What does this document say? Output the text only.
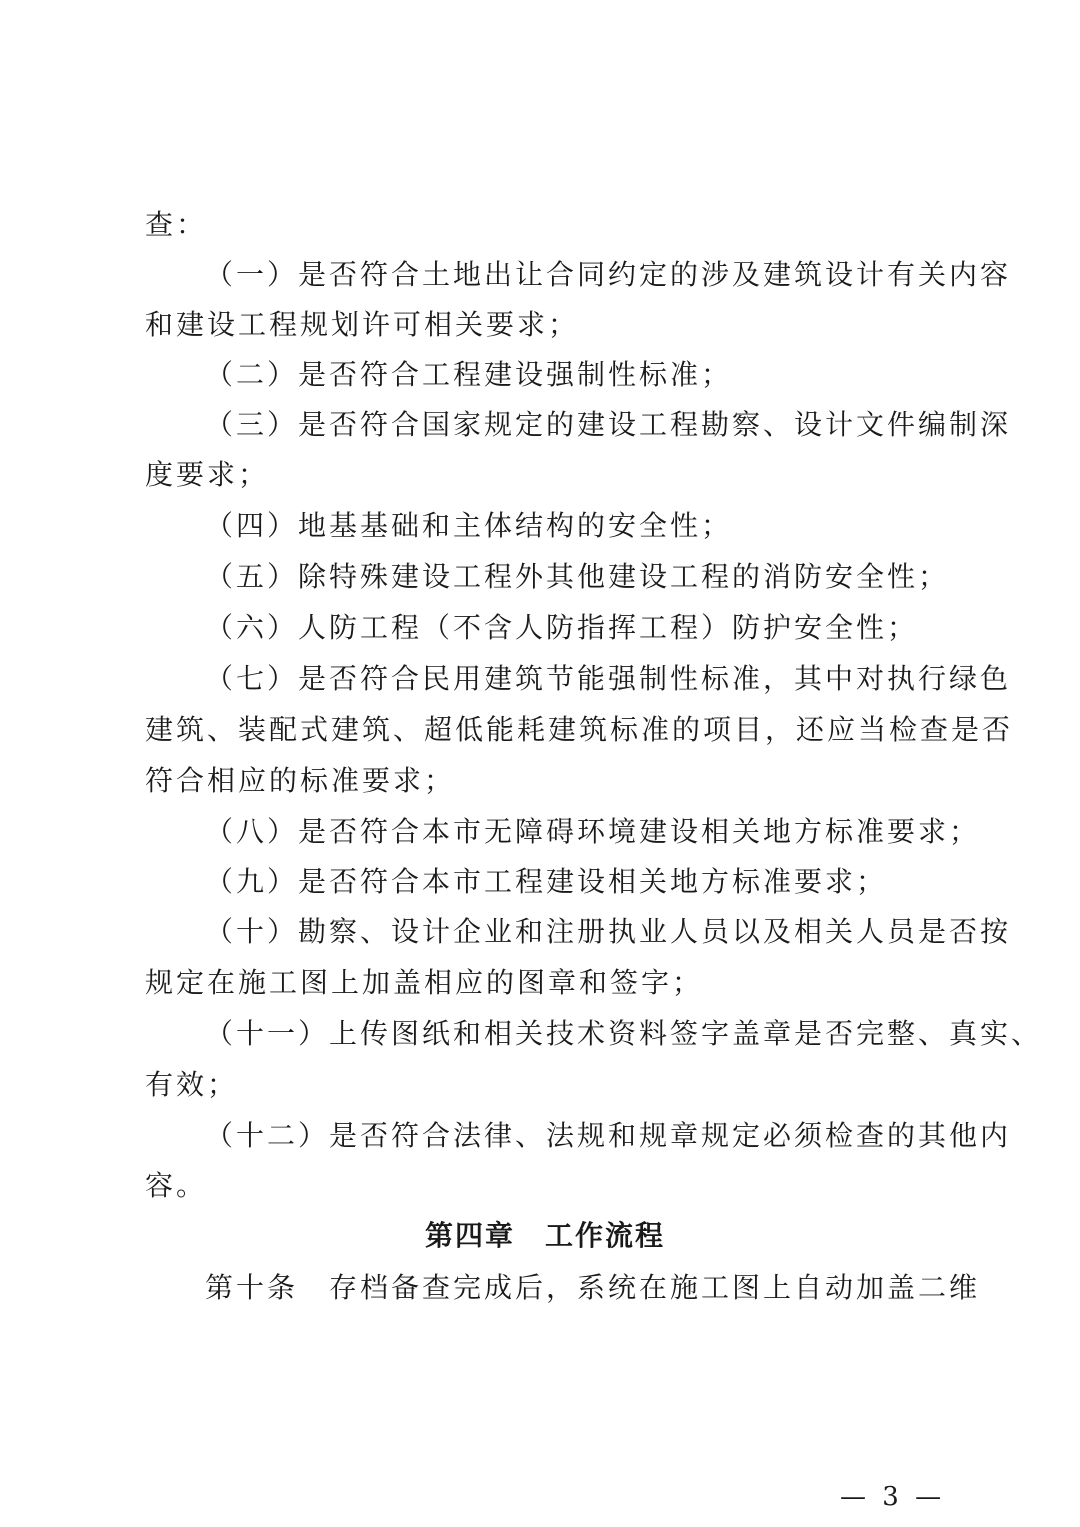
查：
（一）是否符合土地出让合同约定的涉及建筑设计有关内容
和建设工程规划许可相关要求；
（二）是否符合工程建设强制性标准；
（三）是否符合国家规定的建设工程勘察、设计文件编制深
度要求；
（四）地基基础和主体结构的安全性；
（五）除特殊建设工程外其他建设工程的消防安全性；
（六）人防工程（不含人防指挥工程）防护安全性；
（七）是否符合民用建筑节能强制性标准，其中对执行绿色
建筑、装配式建筑、超低能耗建筑标准的项目，还应当检查是否
符合相应的标准要求；
（八）是否符合本市无障碍环境建设相关地方标准要求；
（九）是否符合本市工程建设相关地方标准要求；
（十）勘察、设计企业和注册执业人员以及相关人员是否按
规定在施工图上加盖相应的图章和签字；
（十一）上传图纸和相关技术资料签字盖章是否完整、真实、
有效；
（十二）是否符合法律、法规和规章规定必须检查的其他内
容。
第四章　工作流程
第十条　存档备查完成后，系统在施工图上自动加盖二维
— 3 —
